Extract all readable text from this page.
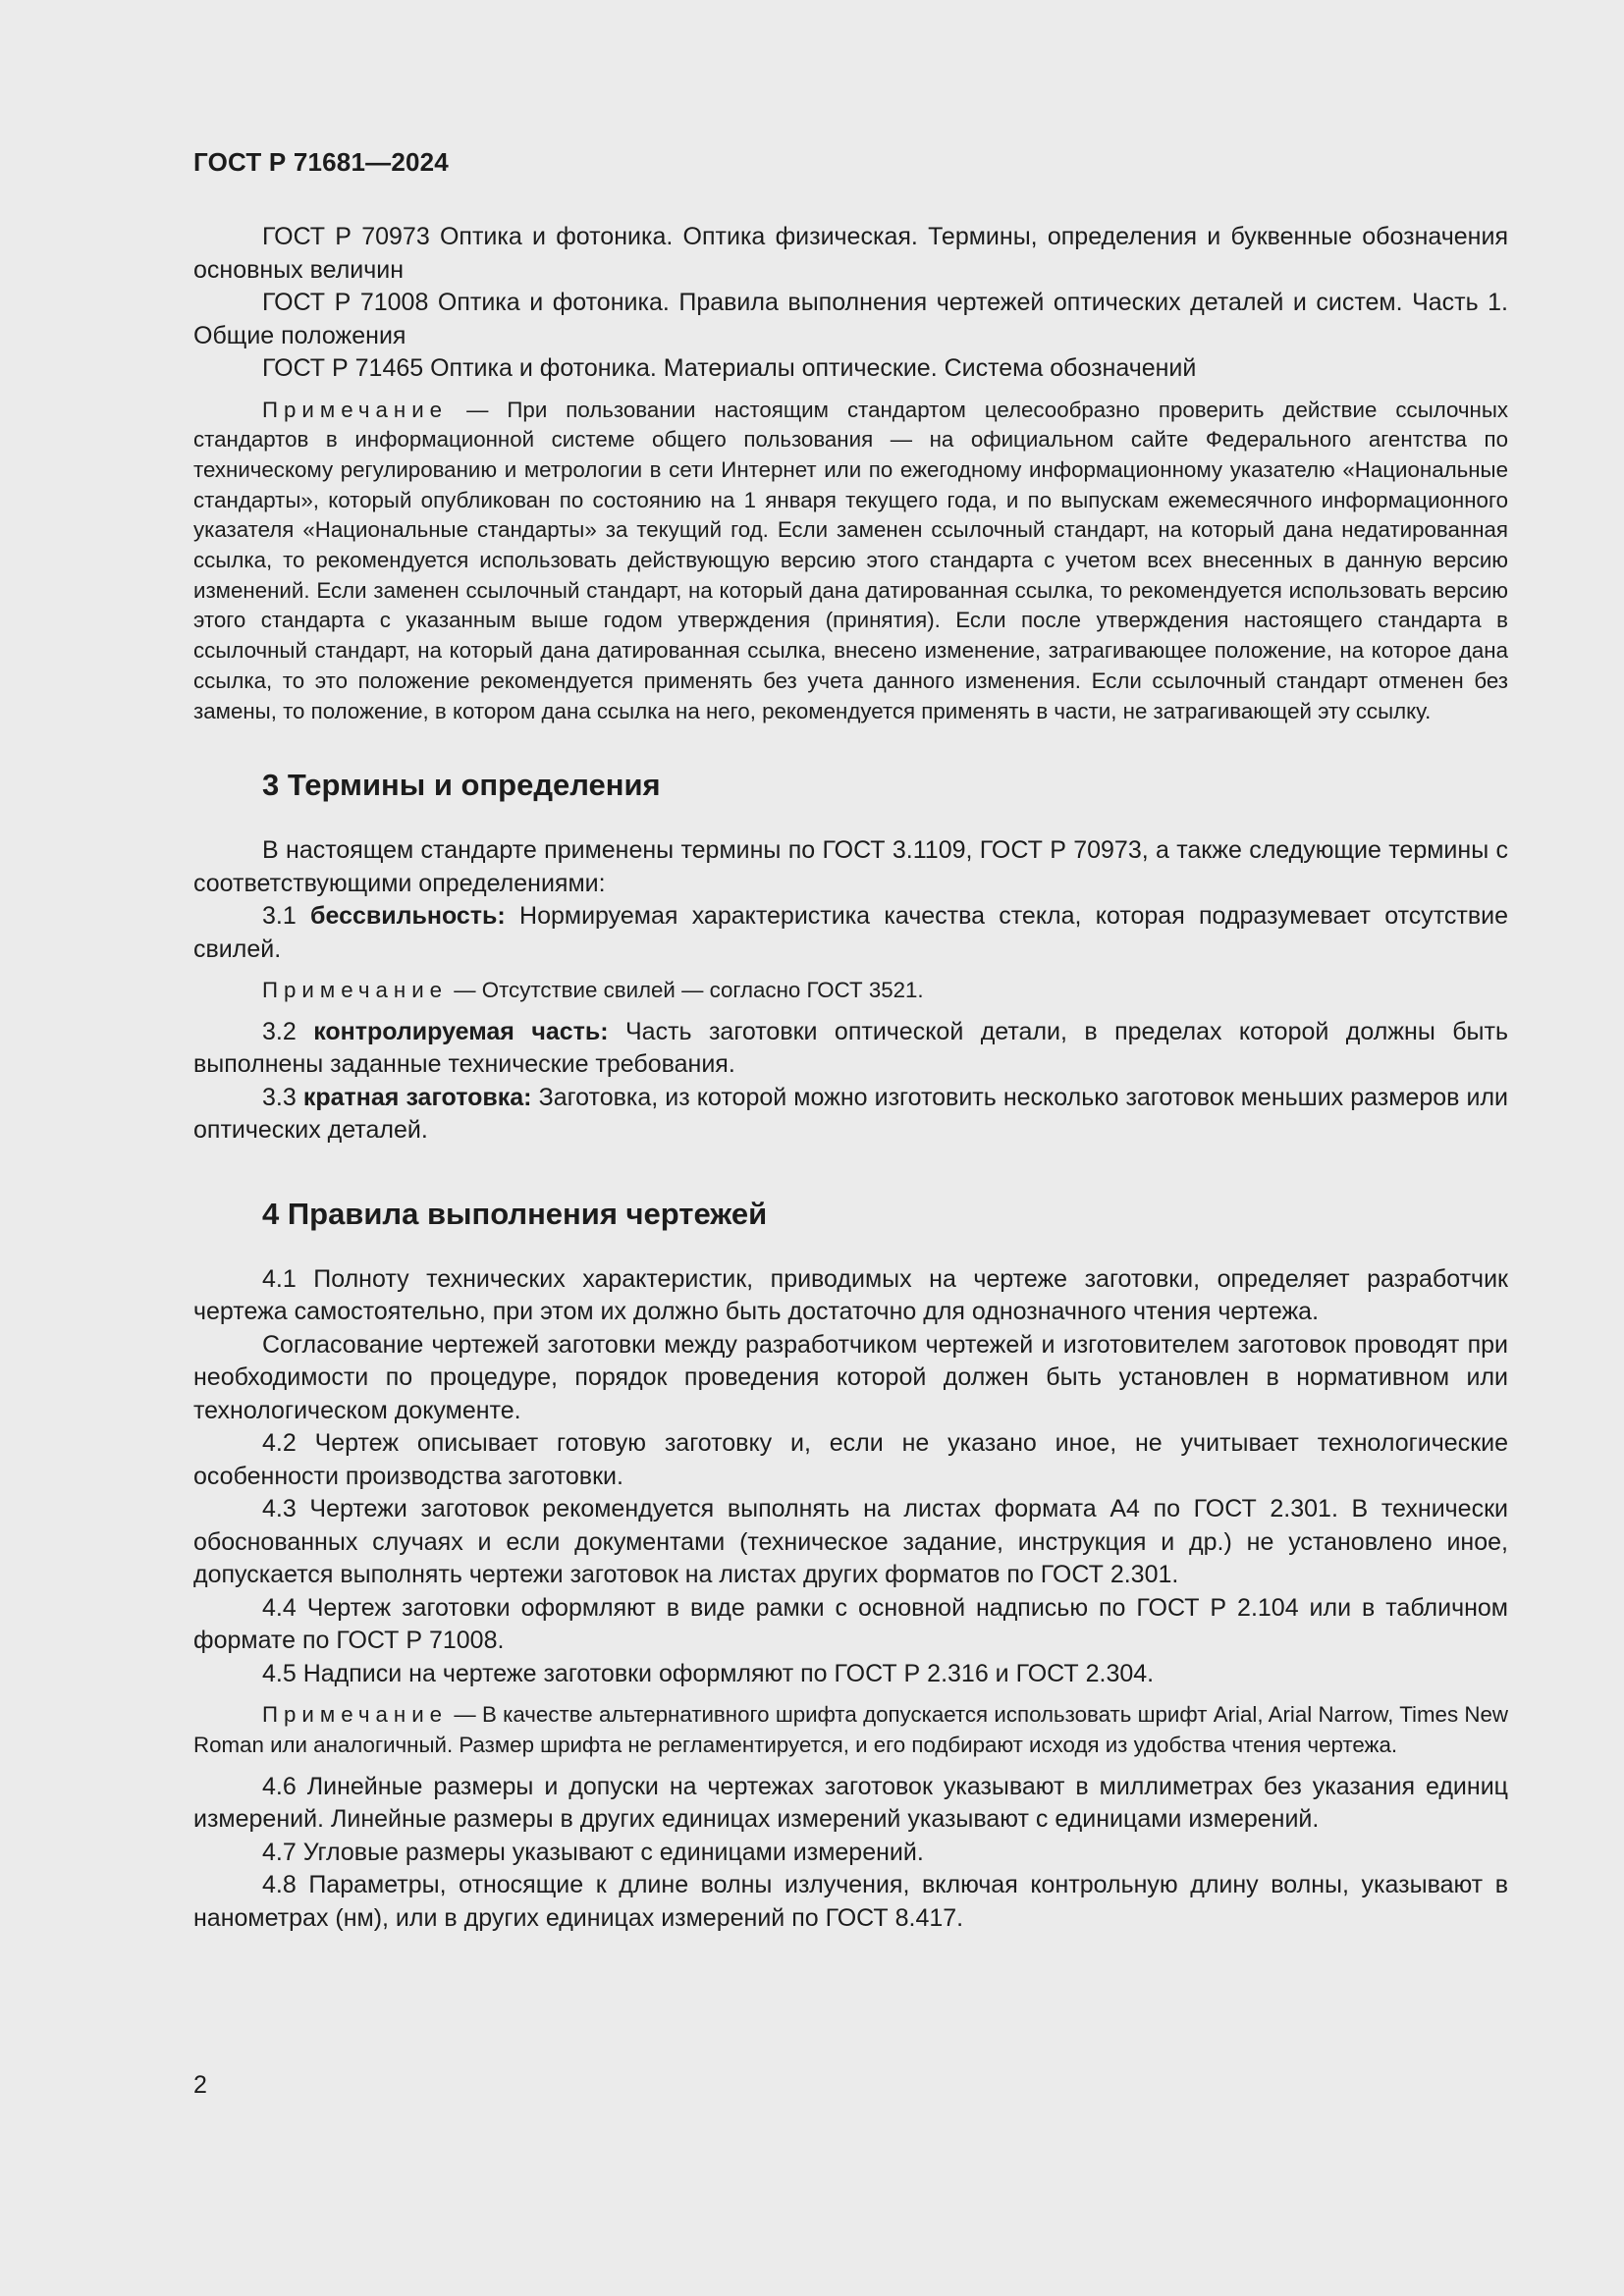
ГОСТ Р 71681—2024

ГОСТ Р 70973 Оптика и фотоника. Оптика физическая. Термины, определения и буквенные обозначения основных величин

ГОСТ Р 71008 Оптика и фотоника. Правила выполнения чертежей оптических деталей и систем. Часть 1. Общие положения

ГОСТ Р 71465 Оптика и фотоника. Материалы оптические. Система обозначений

Примечание — При пользовании настоящим стандартом целесообразно проверить действие ссылочных стандартов в информационной системе общего пользования — на официальном сайте Федерального агентства по техническому регулированию и метрологии в сети Интернет или по ежегодному информационному указателю «Национальные стандарты», который опубликован по состоянию на 1 января текущего года, и по выпускам ежемесячного информационного указателя «Национальные стандарты» за текущий год. Если заменен ссылочный стандарт, на который дана недатированная ссылка, то рекомендуется использовать действующую версию этого стандарта с учетом всех внесенных в данную версию изменений. Если заменен ссылочный стандарт, на который дана датированная ссылка, то рекомендуется использовать версию этого стандарта с указанным выше годом утверждения (принятия). Если после утверждения настоящего стандарта в ссылочный стандарт, на который дана датированная ссылка, внесено изменение, затрагивающее положение, на которое дана ссылка, то это положение рекомендуется применять без учета данного изменения. Если ссылочный стандарт отменен без замены, то положение, в котором дана ссылка на него, рекомендуется применять в части, не затрагивающей эту ссылку.

3 Термины и определения

В настоящем стандарте применены термины по ГОСТ 3.1109, ГОСТ Р 70973, а также следующие термины с соответствующими определениями:

3.1 бессвильность: Нормируемая характеристика качества стекла, которая подразумевает отсутствие свилей.

Примечание — Отсутствие свилей — согласно ГОСТ 3521.

3.2 контролируемая часть: Часть заготовки оптической детали, в пределах которой должны быть выполнены заданные технические требования.

3.3 кратная заготовка: Заготовка, из которой можно изготовить несколько заготовок меньших размеров или оптических деталей.

4 Правила выполнения чертежей

4.1 Полноту технических характеристик, приводимых на чертеже заготовки, определяет разработчик чертежа самостоятельно, при этом их должно быть достаточно для однозначного чтения чертежа.

Согласование чертежей заготовки между разработчиком чертежей и изготовителем заготовок проводят при необходимости по процедуре, порядок проведения которой должен быть установлен в нормативном или технологическом документе.

4.2 Чертеж описывает готовую заготовку и, если не указано иное, не учитывает технологические особенности производства заготовки.

4.3 Чертежи заготовок рекомендуется выполнять на листах формата А4 по ГОСТ 2.301. В технически обоснованных случаях и если документами (техническое задание, инструкция и др.) не установлено иное, допускается выполнять чертежи заготовок на листах других форматов по ГОСТ 2.301.

4.4 Чертеж заготовки оформляют в виде рамки с основной надписью по ГОСТ Р 2.104 или в табличном формате по ГОСТ Р 71008.

4.5 Надписи на чертеже заготовки оформляют по ГОСТ Р 2.316 и ГОСТ 2.304.

Примечание — В качестве альтернативного шрифта допускается использовать шрифт Arial, Arial Narrow, Times New Roman или аналогичный. Размер шрифта не регламентируется, и его подбирают исходя из удобства чтения чертежа.

4.6 Линейные размеры и допуски на чертежах заготовок указывают в миллиметрах без указания единиц измерений. Линейные размеры в других единицах измерений указывают с единицами измерений.

4.7 Угловые размеры указывают с единицами измерений.

4.8 Параметры, относящие к длине волны излучения, включая контрольную длину волны, указывают в нанометрах (нм), или в других единицах измерений по ГОСТ 8.417.

2
